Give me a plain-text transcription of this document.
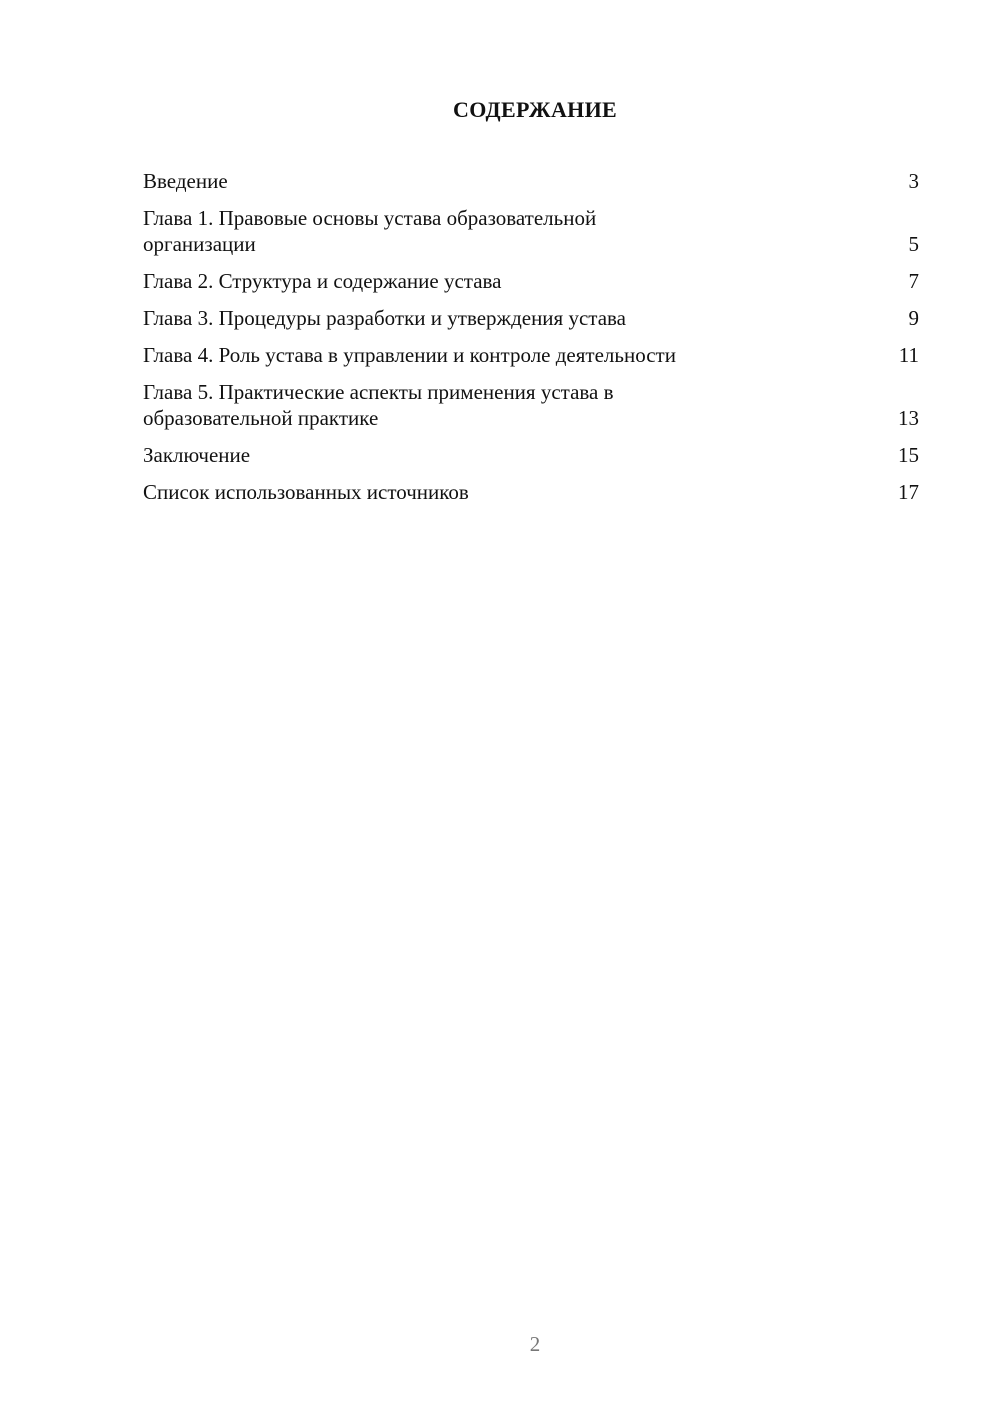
СОДЕРЖАНИЕ
Введение	3
Глава 1. Правовые основы устава образовательной
организации	5
Глава 2. Структура и содержание устава	7
Глава 3. Процедуры разработки и утверждения устава	9
Глава 4. Роль устава в управлении и контроле деятельности	11
Глава 5. Практические аспекты применения устава в
образовательной практике	13
Заключение	15
Список использованных источников	17
2
